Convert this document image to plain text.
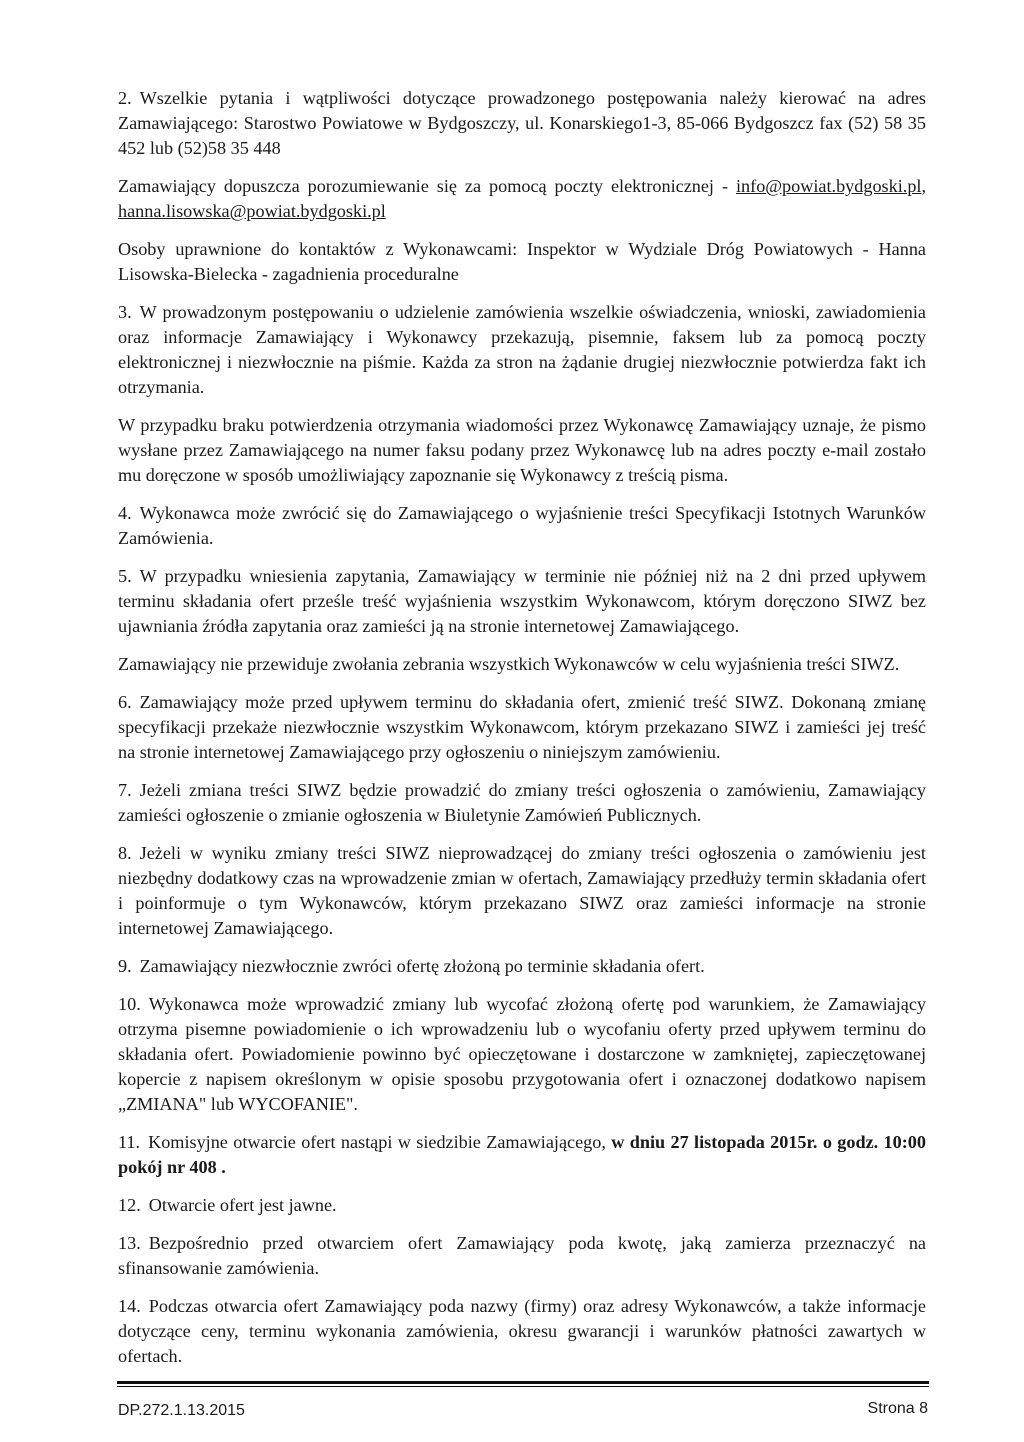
2. Wszelkie pytania i wątpliwości dotyczące prowadzonego postępowania należy kierować na adres Zamawiającego: Starostwo Powiatowe w Bydgoszczy, ul. Konarskiego1-3, 85-066 Bydgoszcz fax (52) 58 35 452 lub (52)58 35 448

Zamawiający dopuszcza porozumiewanie się za pomocą poczty elektronicznej - info@powiat.bydgoski.pl, hanna.lisowska@powiat.bydgoski.pl

Osoby uprawnione do kontaktów z Wykonawcami: Inspektor w Wydziale Dróg Powiatowych - Hanna Lisowska-Bielecka - zagadnienia proceduralne

3. W prowadzonym postępowaniu o udzielenie zamówienia wszelkie oświadczenia, wnioski, zawiadomienia oraz informacje Zamawiający i Wykonawcy przekazują, pisemnie, faksem lub za pomocą poczty elektronicznej i niezwłocznie na piśmie. Każda za stron na żądanie drugiej niezwłocznie potwierdza fakt ich otrzymania.

W przypadku braku potwierdzenia otrzymania wiadomości przez Wykonawcę Zamawiający uznaje, że pismo wysłane przez Zamawiającego na numer faksu podany przez Wykonawcę lub na adres poczty e-mail zostało mu doręczone w sposób umożliwiający zapoznanie się Wykonawcy z treścią pisma.

4. Wykonawca może zwrócić się do Zamawiającego o wyjaśnienie treści Specyfikacji Istotnych Warunków Zamówienia.

5. W przypadku wniesienia zapytania, Zamawiający w terminie nie później niż na 2 dni przed upływem terminu składania ofert prześle treść wyjaśnienia wszystkim Wykonawcom, którym doręczono SIWZ bez ujawniania źródła zapytania oraz zamieści ją na stronie internetowej Zamawiającego.

Zamawiający nie przewiduje zwołania zebrania wszystkich Wykonawców w celu wyjaśnienia treści SIWZ.

6. Zamawiający może przed upływem terminu do składania ofert, zmienić treść SIWZ. Dokonaną zmianę specyfikacji przekaże niezwłocznie wszystkim Wykonawcom, którym przekazano SIWZ i zamieści jej treść na stronie internetowej Zamawiającego przy ogłoszeniu o niniejszym zamówieniu.

7. Jeżeli zmiana treści SIWZ będzie prowadzić do zmiany treści ogłoszenia o zamówieniu, Zamawiający zamieści ogłoszenie o zmianie ogłoszenia w Biuletynie Zamówień Publicznych.

8. Jeżeli w wyniku zmiany treści SIWZ nieprowadzącej do zmiany treści ogłoszenia o zamówieniu jest niezbędny dodatkowy czas na wprowadzenie zmian w ofertach, Zamawiający przedłuży termin składania ofert i poinformuje o tym Wykonawców, którym przekazano SIWZ oraz zamieści informacje na stronie internetowej Zamawiającego.

9. Zamawiający niezwłocznie zwróci ofertę złożoną po terminie składania ofert.

10. Wykonawca może wprowadzić zmiany lub wycofać złożoną ofertę pod warunkiem, że Zamawiający otrzyma pisemne powiadomienie o ich wprowadzeniu lub o wycofaniu oferty przed upływem terminu do składania ofert. Powiadomienie powinno być opieczętowane i dostarczone w zamkniętej, zapieczętowanej kopercie z napisem określonym w opisie sposobu przygotowania ofert i oznaczonej dodatkowo napisem „ZMIANA" lub WYCOFANIE".

11. Komisyjne otwarcie ofert nastąpi w siedzibie Zamawiającego, w dniu 27 listopada 2015r. o godz. 10:00 pokój nr 408 .

12. Otwarcie ofert jest jawne.

13. Bezpośrednio przed otwarciem ofert Zamawiający poda kwotę, jaką zamierza przeznaczyć na sfinansowanie zamówienia.

14. Podczas otwarcia ofert Zamawiający poda nazwy (firmy) oraz adresy Wykonawców, a także informacje dotyczące ceny, terminu wykonania zamówienia, okresu gwarancji i warunków płatności zawartych w ofertach.

DP.272.1.13.2015	Strona 8
